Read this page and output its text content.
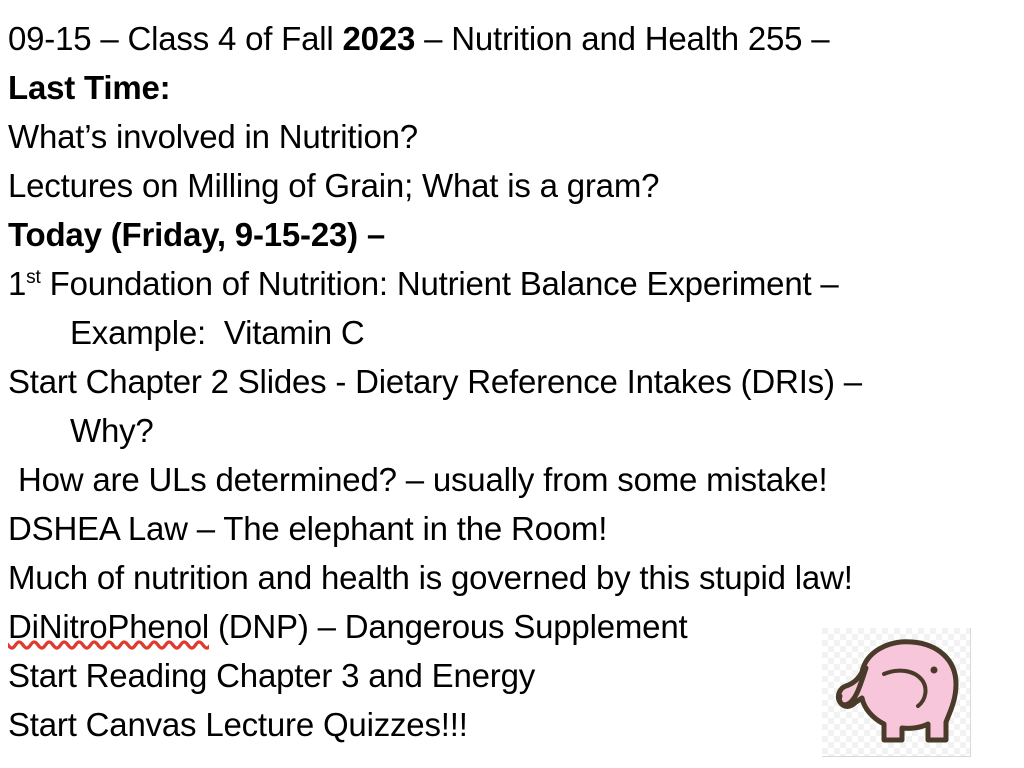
09-15 – Class 4 of Fall 2023 – Nutrition and Health 255 –
Last Time:
What’s involved in Nutrition?
Lectures on Milling of Grain; What is a gram?
Today (Friday, 9-15-23) –
1st Foundation of Nutrition: Nutrient Balance Experiment –
Example:  Vitamin C
Start Chapter 2 Slides - Dietary Reference Intakes (DRIs) –
Why?
How are ULs determined? – usually from some mistake!
DSHEA Law – The elephant in the Room!
Much of nutrition and health is governed by this stupid law!
DiNitroPhenol (DNP) – Dangerous Supplement
Start Reading Chapter 3 and Energy
Start Canvas Lecture Quizzes!!!
